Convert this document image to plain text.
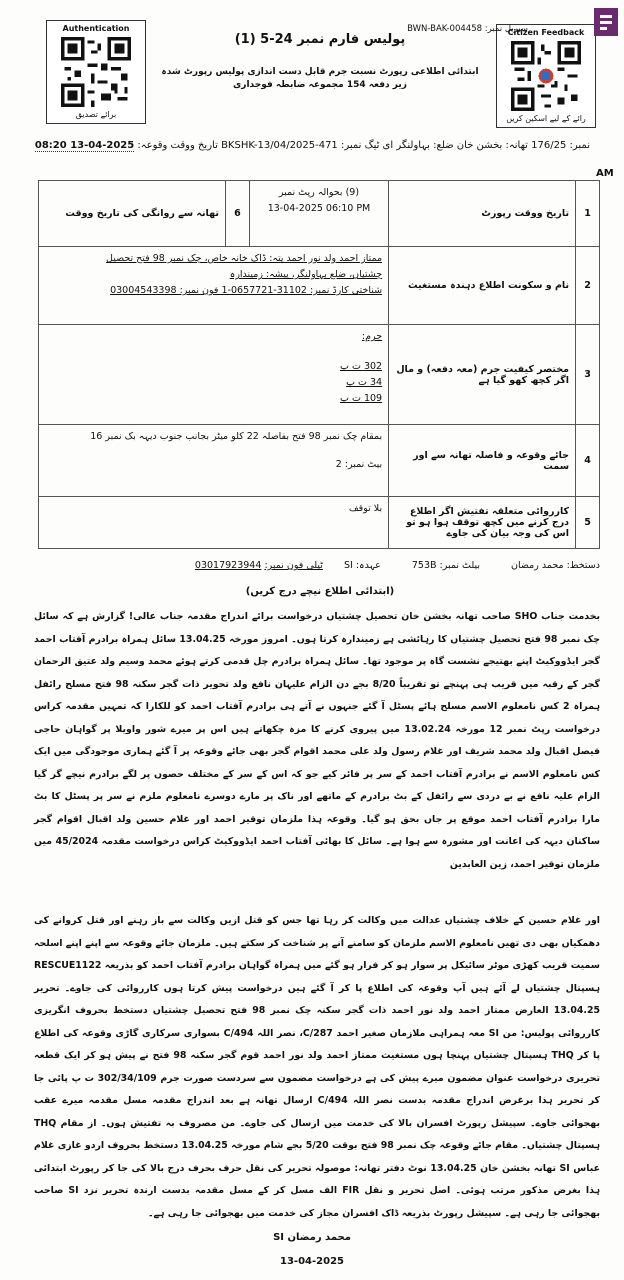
Authentication
برائے تصدیق
Citizen Feedback
رائے کے لیے اسکین کریں
سیریل نمبر: BWN-BAK-004458
پولیس فارم نمبر 24-5 (1)
ابتدائی اطلاعی رپورٹ نسبت جرم قابل دست اندازی پولیس رپورٹ شدہ زیر دفعہ 154 مجموعہ ضابطہ فوجداری
نمبر: 176/25 تھانہ: بخشن خان ضلع: بہاولنگر ای ٹیگ نمبر: BKSHK-13/04/2025-471 تاریخ ووقت وقوعہ: 2025-04-13 08:20
AM
1	تاریخ ووقت رپورٹ	(9) بحوالہ رپٹ نمبر
13-04-2025 06:10 PM	6	تھانہ سے روانگی کی تاریخ ووقت
2	نام و سکونت اطلاع دہندہ مستغیث	ممتاز احمد ولد نور احمد پتہ: ڈاک خانہ خاص، چک نمبر 98 فتح تحصیل
چشتیاں، ضلع بہاولنگر، پیشہ: زمیندارہ
شناختی کارڈ نمبر: 31102-0657721-1 فون نمبر: 03004543398		

3	مختصر کیفیت جرم (معہ دفعہ) و مال اگر کچھ کھو گیا ہے	جرم:
302 ت پ
34 ت پ
109 ت پ		

4	جائے وقوعہ و فاصلہ تھانہ سے اور سمت	بمقام چک نمبر 98 فتح بفاصلہ 22 کلو میٹر بجانب جنوب دیہہ بک نمبر 16
بیٹ نمبر: 2		

5	کارروائی متعلقہ تفتیش اگر اطلاع درج کرنے میں کچھ توقف ہوا ہو تو اس کی وجہ بیان کی جاوے	بلا توقف		
دستخط: محمد رمضان بیلٹ نمبر: 753B عہدہ: SI ٹیلی فون نمبر: 03017923944
(ابتدائی اطلاع نیچے درج کریں)
بخدمت جناب SHO صاحب تھانہ بخشن خان تحصیل چشتیاں درخواست برائے اندراج مقدمہ جناب عالی! گزارش ہے کہ سائل چک نمبر 98 فتح تحصیل چشتیاں کا رہائشی ہے زمیندارہ کرتا ہوں۔ امروز مورخہ 13.04.25 سائل ہمراہ برادرم آفتاب احمد گجر ایڈووکیٹ اپنے بھتیجے نشست گاہ پر موجود تھا۔ سائل ہمراہ برادرم چل قدمی کرتے ہوئے محمد وسیم ولد عتیق الرحمان گجر کے رقبہ میں قریب ہی پہنچے تو تقریباً 8/20 بجے دن الزام علیہان نافع ولد تحویر ذات گجر سکنہ 98 فتح مسلح رائفل ہمراہ 2 کس نامعلوم الاسم مسلح ہائے پسٹل آ گئے جنہوں نے آتے ہی برادرم آفتاب احمد کو للکارا کہ تمہیں مقدمہ کراس درخواست رپٹ نمبر 12 مورخہ 13.02.24 میں پیروی کرنے کا مزہ چکھاتے ہیں اس پر میرے شور واویلا پر گواہان حاجی فیصل اقبال ولد محمد شریف اور غلام رسول ولد علی محمد اقوام گجر بھی جائے وقوعہ پر آ گئے ہماری موجودگی میں ایک کس نامعلوم الاسم نے برادرم آفتاب احمد کے سر پر فائر کیے جو کہ اس کے سر کے مختلف حصوں پر لگے برادرم نیچے گر گیا الزام علیہ نافع نے بے دردی سے رائفل کے بٹ برادرم کے ماتھے اور ناک پر مارے دوسرے نامعلوم ملزم نے سر پر پسٹل کا بٹ مارا برادرم آفتاب احمد موقع پر جاں بحق ہو گیا۔ وقوعہ ہذا ملزمان توقیر احمد اور غلام حسین ولد اقبال اقوام گجر ساکنان دیہہ کی اعانت اور مشورہ سے ہوا ہے۔ سائل کا بھائی آفتاب احمد ایڈووکیٹ کراس درخواست مقدمہ 45/2024 میں ملزمان توقیر احمد، زین العابدین
اور غلام حسین کے خلاف چشتیاں عدالت میں وکالت کر رہا تھا جس کو قتل ازیں وکالت سے باز رہنے اور قتل کروانے کی دھمکیاں بھی دی تھیں نامعلوم الاسم ملزمان کو سامنے آنے پر شناخت کر سکتے ہیں۔ ملزمان جائے وقوعہ سے اپنے اپنے اسلحہ سمیت قریب کھڑی موٹر سائیکل پر سوار ہو کر فرار ہو گئے میں ہمراہ گواہان برادرم آفتاب احمد کو بذریعہ RESCUE1122 ہسپتال چشتیاں لے آئے ہیں آپ وقوعہ کی اطلاع پا کر آ گئے ہیں درخواست پیش کرتا ہوں کارروائی کی جاوے۔ تحریر 13.04.25 العارض ممتاز احمد ولد نور احمد ذات گجر سکنہ چک نمبر 98 فتح تحصیل چشتیاں دستخط بحروف انگریزی کارروائی پولیس: من SI معہ ہمراہی ملازمان صغیر احمد 287/C، نصر اللہ 494/C بسواری سرکاری گاڑی وقوعہ کی اطلاع پا کر THQ ہسپتال چشتیاں پہنچا ہوں مستغیث ممتاز احمد ولد نور احمد قوم گجر سکنہ 98 فتح نے پیش ہو کر ایک قطعہ تحریری درخواست عنوان مضمون میرے پیش کی ہے درخواست مضمون سے سردست صورت جرم 302/34/109 ت پ پائی جا کر تحریر ہذا برغرض اندراج مقدمہ بدست نصر اللہ 494/C ارسال تھانہ ہے بعد اندراج مقدمہ مسل مقدمہ میرے عقب بھجوائی جاوے۔ سپیشل رپورٹ افسران بالا کی خدمت میں ارسال کی جاوے۔ من مصروف بہ تفتیش ہوں۔ از مقام THQ ہسپتال چشتیاں۔ مقام جائے وقوعہ چک نمبر 98 فتح بوقت 5/20 بجے شام مورخہ 13.04.25 دستخط بحروف اردو غازی غلام عباس SI تھانہ بخشن خان 13.04.25 نوٹ دفتر تھانہ: موصولہ تحریر کی نقل حرف بحرف درج بالا کی جا کر رپورٹ ابتدائی ہذا بغرض مذکور مرتب ہوئی۔ اصل تحریر و نقل FIR الف مسل کر کے مسل مقدمہ بدست ارندہ تحریر نزد SI صاحب بھجوائی جا رہی ہے۔ سپیشل رپورٹ بذریعہ ڈاک افسران مجاز کی خدمت میں بھجوائی جا رہی ہے۔
محمد رمضان SI
13-04-2025
